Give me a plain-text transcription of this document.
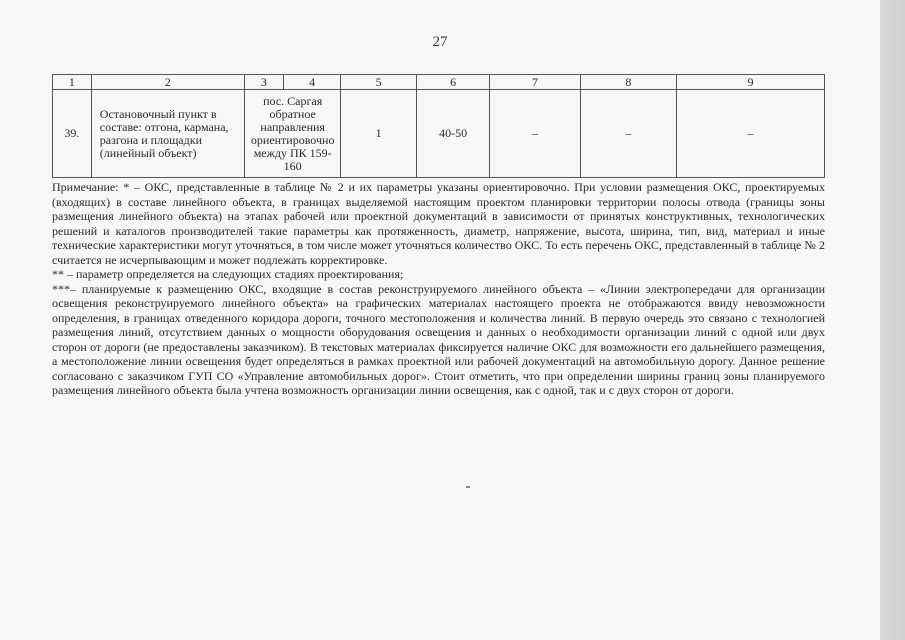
27
1	2	3	4	5	6	7	8	9
39.	Остановочный пункт в составе: отгона, кармана, разгона и площадки (линейный объект)	пос. Саргая обратное направления ориентировочно между ПК 159-160		1	40-50	–	–	–

Примечание: * – ОКС, представленные в таблице № 2 и их параметры указаны ориентировочно. При условии размещения ОКС, проектируемых (входящих) в составе линейного объекта, в границах выделяемой настоящим проектом планировки территории полосы отвода (границы зоны размещения линейного объекта) на этапах рабочей или проектной документаций в зависимости от принятых конструктивных, технологических решений и каталогов производителей такие параметры как протяженность, диаметр, напряжение, высота, ширина, тип, вид, материал и иные технические характеристики могут уточняться, в том числе может уточняться количество ОКС. То есть перечень ОКС, представленный в таблице № 2 считается не исчерпывающим и может подлежать корректировке.

** – параметр определяется на следующих стадиях проектирования;

***– планируемые к размещению ОКС, входящие в состав реконструируемого линейного объекта – «Линии электропередачи для организации освещения реконструируемого линейного объекта» на графических материалах настоящего проекта не отображаются ввиду невозможности определения, в границах отведенного коридора дороги, точного местоположения и количества линий. В первую очередь это связано с технологией размещения линий, отсутствием данных о мощности оборудования освещения и данных о необходимости организации линий с одной или двух сторон от дороги (не предоставлены заказчиком). В текстовых материалах фиксируется наличие ОКС для возможности его дальнейшего размещения, а местоположение линии освещения будет определяться в рамках проектной или рабочей документаций на автомобильную дорогу. Данное решение согласовано с заказчиком ГУП СО «Управление автомобильных дорог». Стоит отметить, что при определении ширины границ зоны планируемого размещения линейного объекта была учтена возможность организации линии освещения, как с одной, так и с двух сторон от дороги.
